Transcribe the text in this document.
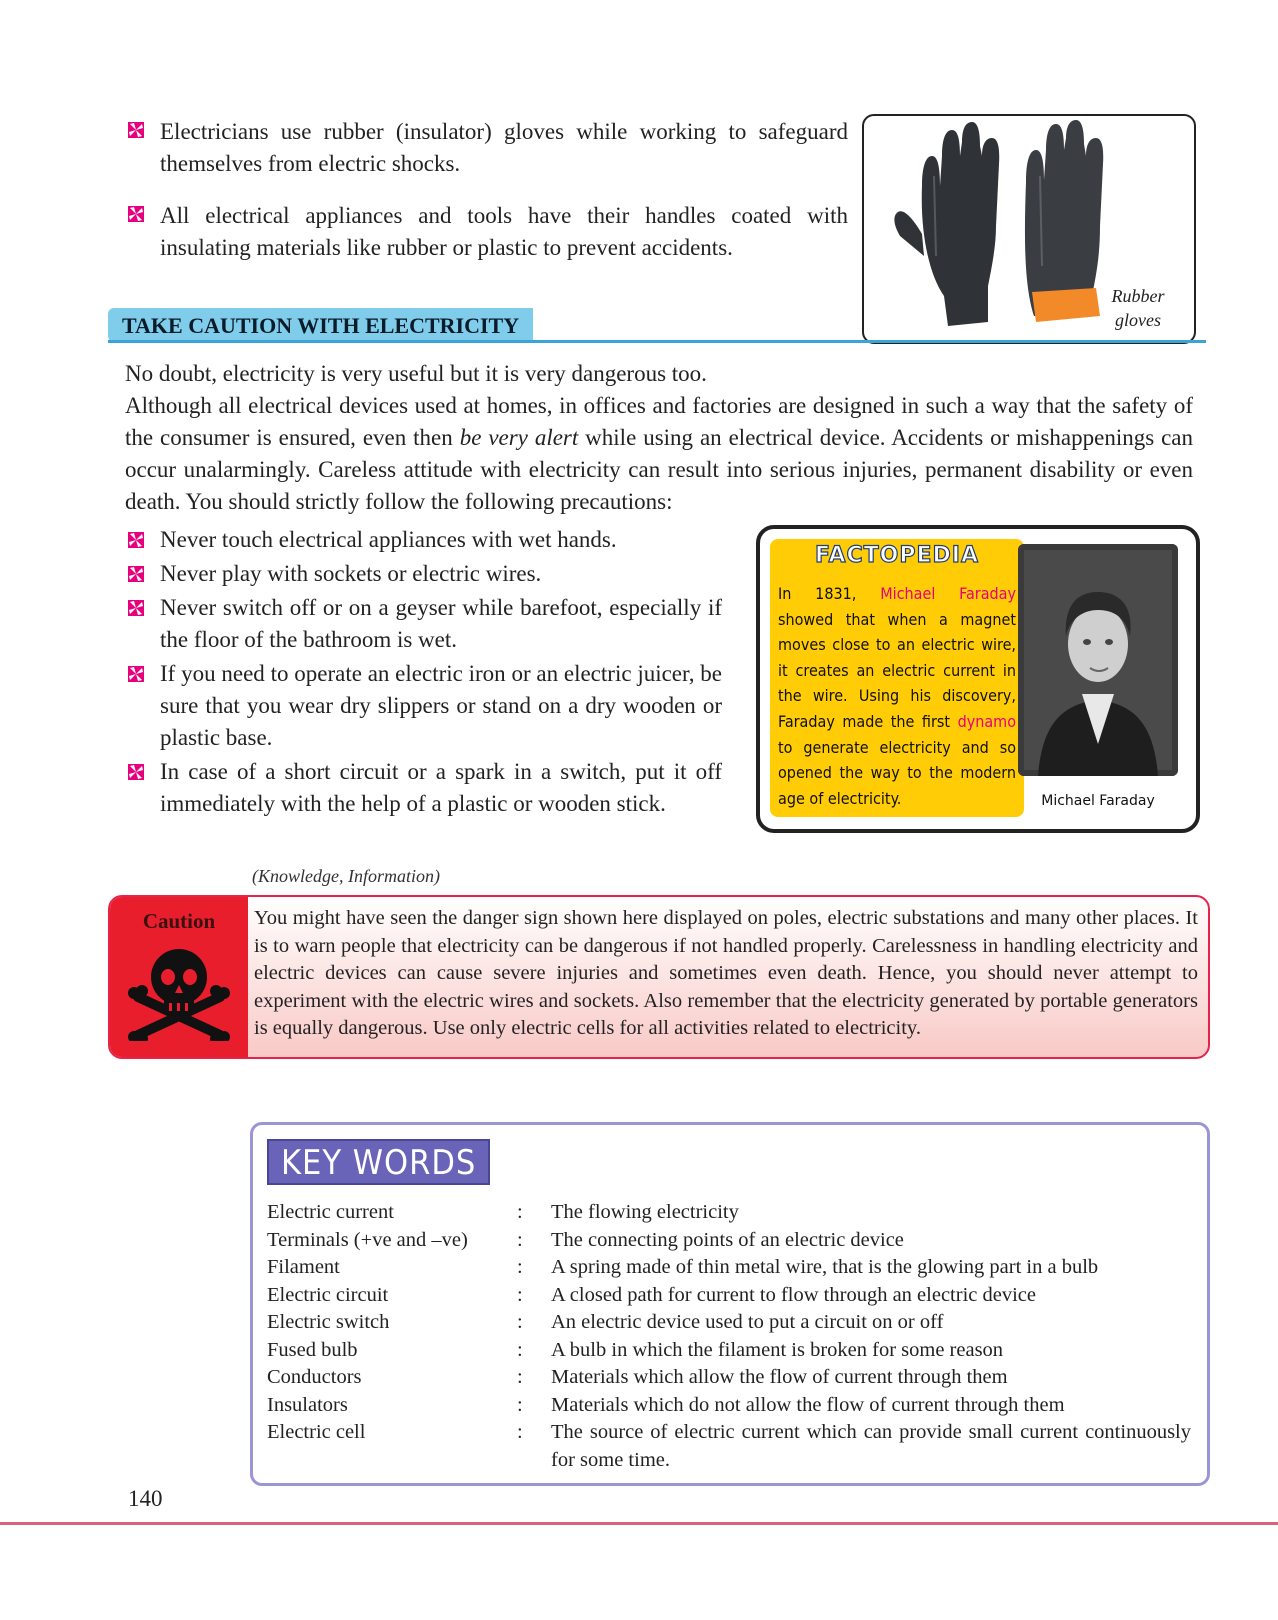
Electricians use rubber (insulator) gloves while working to safeguard themselves from electric shocks.
All electrical appliances and tools have their handles coated with insulating materials like rubber or plastic to prevent accidents.
Rubber gloves
TAKE CAUTION WITH ELECTRICITY
No doubt, electricity is very useful but it is very dangerous too.
Although all electrical devices used at homes, in offices and factories are designed in such a way that the safety of the consumer is ensured, even then be very alert while using an electrical device. Accidents or mishappenings can occur unalarmingly. Careless attitude with electricity can result into serious injuries, permanent disability or even death. You should strictly follow the following precautions:
Never touch electrical appliances with wet hands.
Never play with sockets or electric wires.
Never switch off or on a geyser while barefoot, especially if the floor of the bathroom is wet.
If you need to operate an electric iron or an electric juicer, be sure that you wear dry slippers or stand on a dry wooden or plastic base.
In case of a short circuit or a spark in a switch, put it off immediately with the help of a plastic or wooden stick.
FACTOPEDIA
In 1831, Michael Faraday showed that when a magnet moves close to an electric wire, it creates an electric current in the wire. Using his discovery, Faraday made the first dynamo to generate electricity and so opened the way to the modern age of electricity.	Michael Faraday
(Knowledge, Information)
Caution	You might have seen the danger sign shown here displayed on poles, electric substations and many other places. It is to warn people that electricity can be dangerous if not handled properly. Carelessness in handling electricity and electric devices can cause severe injuries and sometimes even death. Hence, you should never attempt to experiment with the electric wires and sockets. Also remember that the electricity generated by portable generators is equally dangerous. Use only electric cells for all activities related to electricity.
KEY WORDS
Electric current	: The flowing electricity
Terminals (+ve and –ve)	: The connecting points of an electric device
Filament	: A spring made of thin metal wire, that is the glowing part in a bulb
Electric circuit	: A closed path for current to flow through an electric device
Electric switch	: An electric device used to put a circuit on or off
Fused bulb	: A bulb in which the filament is broken for some reason
Conductors	: Materials which allow the flow of current through them
Insulators	: Materials which do not allow the flow of current through them
Electric cell	: The source of electric current which can provide small current continuously for some time.
140
